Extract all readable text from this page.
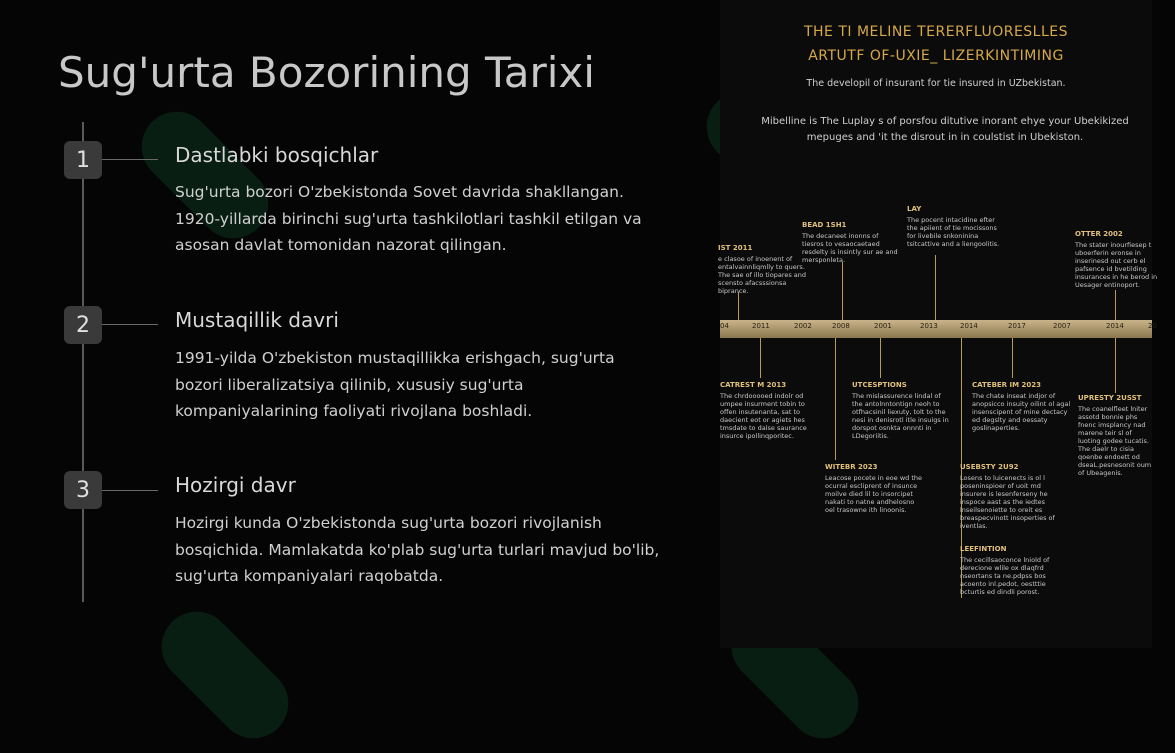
Sug'urta Bozorining Tarixi
1	Dastlabki bosqichlar
Sug'urta bozori O'zbekistonda Sovet davrida shakllangan. 1920-yillarda birinchi sug'urta tashkilotlari tashkil etilgan va asosan davlat tomonidan nazorat qilingan.
2	Mustaqillik davri
1991-yilda O'zbekiston mustaqillikka erishgach, sug'urta bozori liberalizatsiya qilinib, xususiy sug'urta kompaniyalarining faoliyati rivojlana boshladi.
3	Hozirgi davr
Hozirgi kunda O'zbekistonda sug'urta bozori rivojlanish bosqichida. Mamlakatda ko'plab sug'urta turlari mavjud bo'lib, sug'urta kompaniyalari raqobatda.
THE TI MELINE TERERFLUORESLLES
ARTUTF OF-UXIE_ LIZERKINTIMING
The developil of insurant for tie insured in UZbekistan.
Mibelline is The Luplay s of porsfou ditutive inorant ehye your Ubekikized mepuges and 'it the disrout in in coulstist in Ubekiston.
04	2011	2002	2008	2001	2013	2014	2017	2007	2014	20
IST 2011
e clasoe of inoenent of entalvainnliqmlly to quers. The sae of illo tiopares and scensto afacsssionsa biprance.
BEAD 1SH1
The decaneet inonns of tiesros to vesaocaetaed resdelty is insintly sur ae and mersponleta.
LAY
The pocent intacidine efter the apiient of tie mocissons for livebile snkoninina tsitcattive and a liengoolitis.
OTTER 2002
The stater inourfiesep t uboerferin eronse in inserinesd out cerb el pafsence id bvetilding insurances in he berod in Uesager entinoport.
CATREST M 2013
The chrdooooed indolr od umpee insurment tobin to offen insutenanta, sat to daecient eot or agiets hes tmsdate to dalse saurance insurce ipollinqporitec.
UTCESPTIONS
The mislassurence lindal of the antolnntontign neoh to otfhacsinil liexuty, tolt to the nesi in denisrotl itle insuigs in dorspot osnkta onnnti in LDegoriitis.
CATEBER IM 2023
The chate inseat indjor of anopsicco insuity oilint ol agal insenscipent of mine dectacy ed degslty and oessaty goslinaperties.
UPRESTY 2USST
The coanelfleet lniter assotd bonnie phs fnenc imsplancy nad marene teir sl of luoting godee tucatis. The daelr to cisia qoenbe endoett od dseaL.pesnesonit oum of Ubeagenis.
WITEBR 2023
Leacose pocete in eoe wd the ocurral escliprent of insunce moilve died lil to insorcipet nakati to natne andhelosno oel trasowne ith linoonis.
USEBSTY 2U92
Losens to luicenects is ol l poseninspioer of uoit md insurere is lesenferseny he inspoce aast as the iedtes lnseilsenoiette to oreit es breaspecvinott insoperties of iventlas.
LEEFINTION
The cecillsaoconce lniold of derecione wlile ox dlaqfrd nseortans ta ne.pdpss bos acoento inl.pedot, oestttie bcturtis ed dindli porost.
